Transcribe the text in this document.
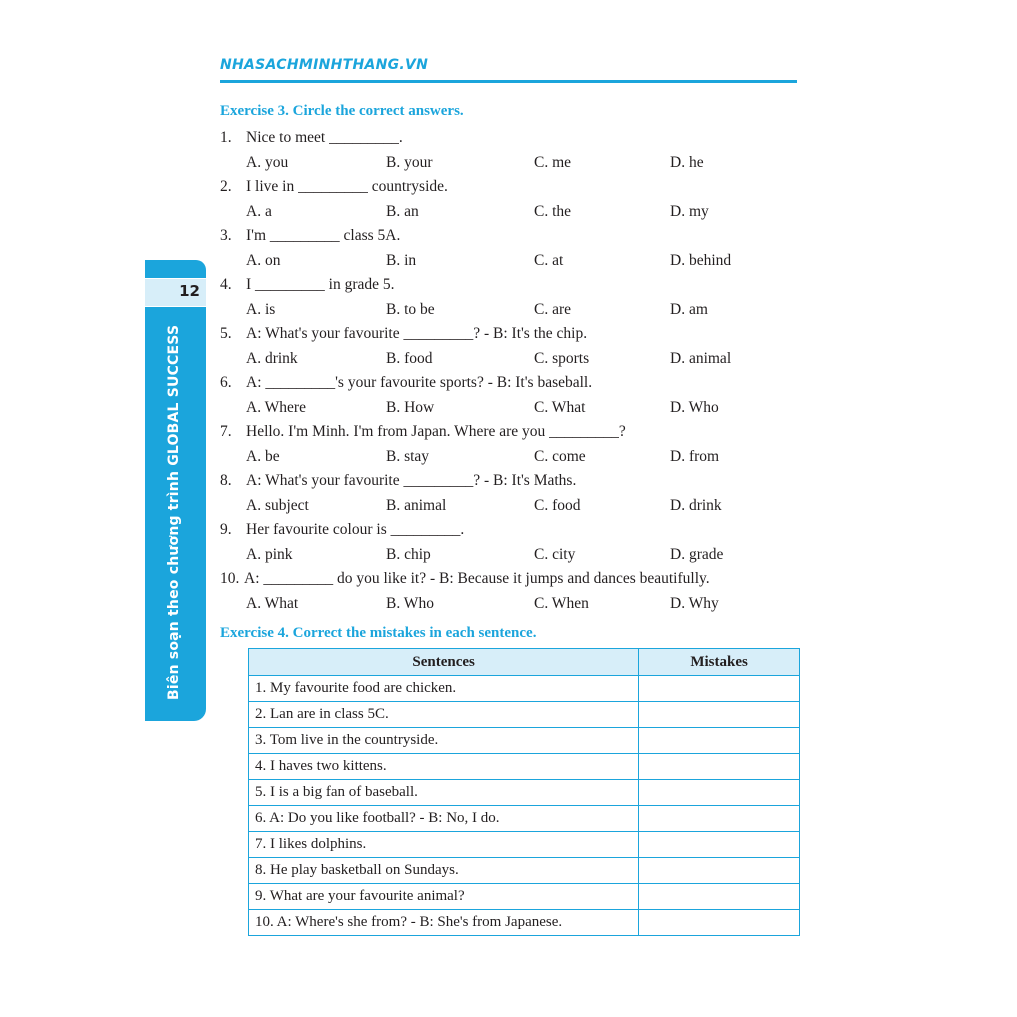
NHASACHMINHTHANG.VN
12
Biên soạn theo chương trình GLOBAL SUCCESS
Exercise 3. Circle the correct answers.
1. Nice to meet _________.
A. you	B. your	C. me	D. he
2. I live in _________ countryside.
A. a	B. an	C. the	D. my
3. I'm _________ class 5A.
A. on	B. in	C. at	D. behind
4. I _________ in grade 5.
A. is	B. to be	C. are	D. am
5. A: What's your favourite _________? - B: It's the chip.
A. drink	B. food	C. sports	D. animal
6. A: _________'s your favourite sports? - B: It's baseball.
A. Where	B. How	C. What	D. Who
7. Hello. I'm Minh. I'm from Japan. Where are you _________?
A. be	B. stay	C. come	D. from
8. A: What's your favourite _________? - B: It's Maths.
A. subject	B. animal	C. food	D. drink
9. Her favourite colour is _________.
A. pink	B. chip	C. city	D. grade
10. A: _________ do you like it? - B: Because it jumps and dances beautifully.
A. What	B. Who	C. When	D. Why
Exercise 4. Correct the mistakes in each sentence.
Sentences	Mistakes
1. My favourite food are chicken.	
2. Lan are in class 5C.	
3. Tom live in the countryside.	
4. I haves two kittens.	
5. I is a big fan of baseball.	
6. A: Do you like football? - B: No, I do.	
7. I likes dolphins.	
8. He play basketball on Sundays.	
9. What are your favourite animal?	
10. A: Where's she from? - B: She's from Japanese.	
